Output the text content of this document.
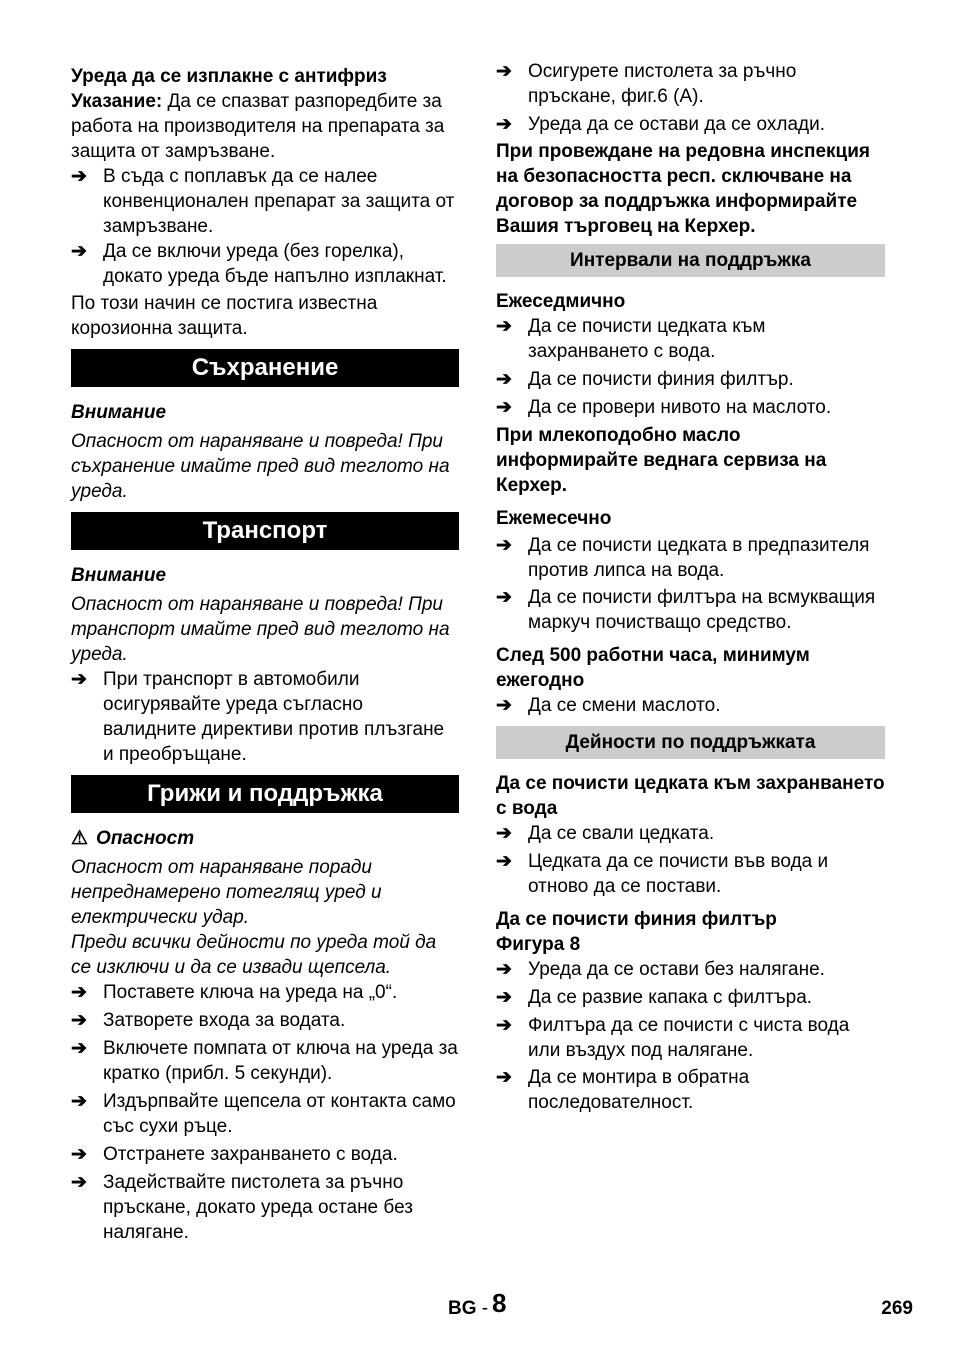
Уреда да се изплакне с антифриз

Указание: Да се спазват разпоредбите за работа на производителя на препарата за защита от замръзване.

➔ В съда с поплавък да се налее конвенционален препарат за защита от замръзване.

➔ Да се включи уреда (без горелка), докато уреда бъде напълно изплакнат.

По този начин се постига известна корозионна защита.

Съхранение

Внимание

Опасност от нараняване и повреда! При съхранение имайте пред вид теглото на уреда.

Транспорт

Внимание

Опасност от нараняване и повреда! При транспорт имайте пред вид теглото на уреда.

➔ При транспорт в автомобили осигурявайте уреда съгласно валидните директиви против плъзгане и преобръщане.

Грижи и поддръжка

⚠ Опасност

Опасност от нараняване поради непреднамерено потеглящ уред и електрически удар.

Преди всички дейности по уреда той да се изключи и да се извади щепсела.

➔ Поставете ключа на уреда на „0“.

➔ Затворете входа за водата.

➔ Включете помпата от ключа на уреда за кратко (прибл. 5 секунди).

➔ Издърпвайте щепсела от контакта само със сухи ръце.

➔ Отстранете захранването с вода.

➔ Задействайте пистолета за ръчно пръскане, докато уреда остане без налягане.

➔ Осигурете пистолета за ръчно пръскане, фиг.6 (А).

➔ Уреда да се остави да се охлади.

При провеждане на редовна инспекция на безопасността респ. сключване на договор за поддръжка информирайте Вашия търговец на Керхер.

Интервали на поддръжка

Ежеседмично

➔ Да се почисти цедката към захранването с вода.

➔ Да се почисти финия филтър.

➔ Да се провери нивото на маслото.

При млекоподобно масло информирайте веднага сервиза на Керхер.

Ежемесечно

➔ Да се почисти цедката в предпазителя против липса на вода.

➔ Да се почисти филтъра на всмукващия маркуч почистващо средство.

След 500 работни часа, минимум ежегодно

➔ Да се смени маслото.

Дейности по поддръжката

Да се почисти цедката към захранването с вода

➔ Да се свали цедката.

➔ Цедката да се почисти във вода и отново да се постави.

Да се почисти финия филтър

Фигура 8

➔ Уреда да се остави без налягане.

➔ Да се развие капака с филтъра.

➔ Филтъра да се почисти с чиста вода или въздух под налягане.

➔ Да се монтира в обратна последователност.

BG - 8	269
